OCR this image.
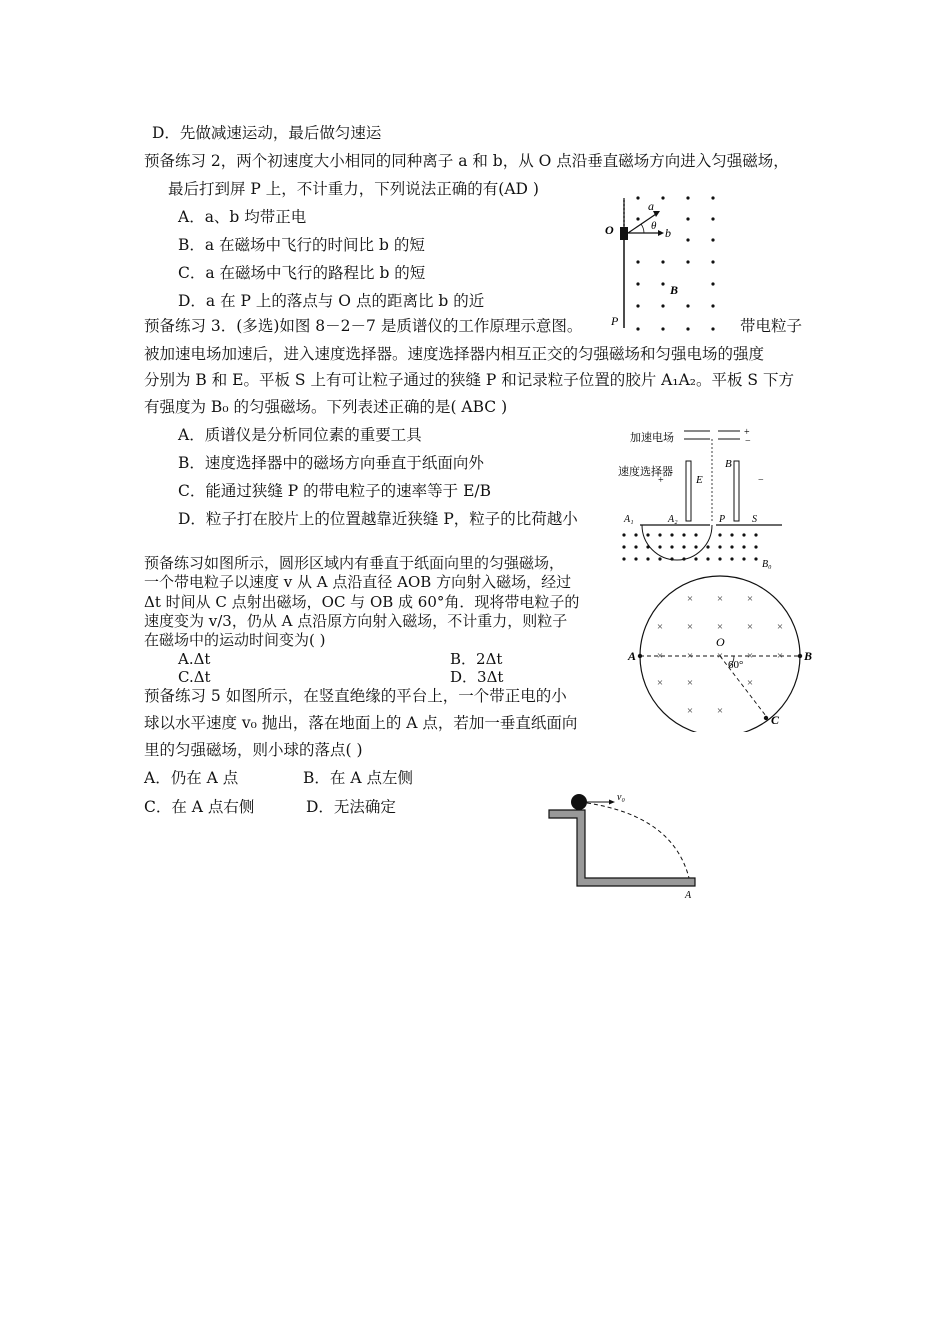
D．先做减速运动，最后做匀速运
预备练习 2，两个初速度大小相同的同种离子 a 和 b，从 O 点沿垂直磁场方向进入匀强磁场，
最后打到屏 P 上，不计重力，下列说法正确的有(AD )
A．a、b 均带正电
B．a 在磁场中飞行的时间比 b 的短
C．a 在磁场中飞行的路程比 b 的短
D．a 在 P 上的落点与 O 点的距离比 b 的近
O
a
b
θ
B
P
预备练习 3．(多选)如图 8－2－7 是质谱仪的工作原理示意图。	带电粒子
被加速电场加速后，进入速度选择器。速度选择器内相互正交的匀强磁场和匀强电场的强度
分别为 B 和 E。平板 S 上有可让粒子通过的狭缝 P 和记录粒子位置的胶片 A₁A₂。平板 S 下方
有强度为 B₀ 的匀强磁场。下列表述正确的是( ABC )
A．质谱仪是分析同位素的重要工具
B．速度选择器中的磁场方向垂直于纸面向外
C．能通过狭缝 P 的带电粒子的速率等于 E/B
D．粒子打在胶片上的位置越靠近狭缝 P，粒子的比荷越小
加速电场	+
−
速度选择器
E
B
+	−
A₁	A₂	P	S
B₀
预备练习如图所示，圆形区域内有垂直于纸面向里的匀强磁场，
一个带电粒子以速度 v 从 A 点沿直径 AOB 方向射入磁场，经过
Δt 时间从 C 点射出磁场，OC 与 OB 成 60°角．现将带电粒子的
速度变为 v/3，仍从 A 点沿原方向射入磁场，不计重力，则粒子
在磁场中的运动时间变为( )
A.Δt	B．2Δt
C.Δt	D．3Δt
× × ×
× × × × ×
× × × × ×
× ×	×
× ×
A	B
O
C
60°
预备练习 5 如图所示，在竖直绝缘的平台上，一个带正电的小
球以水平速度 v₀ 抛出，落在地面上的 A 点，若加一垂直纸面向
里的匀强磁场，则小球的落点( )
A．仍在 A 点	B．在 A 点左侧
C．在 A 点右侧	D．无法确定
v₀
A
